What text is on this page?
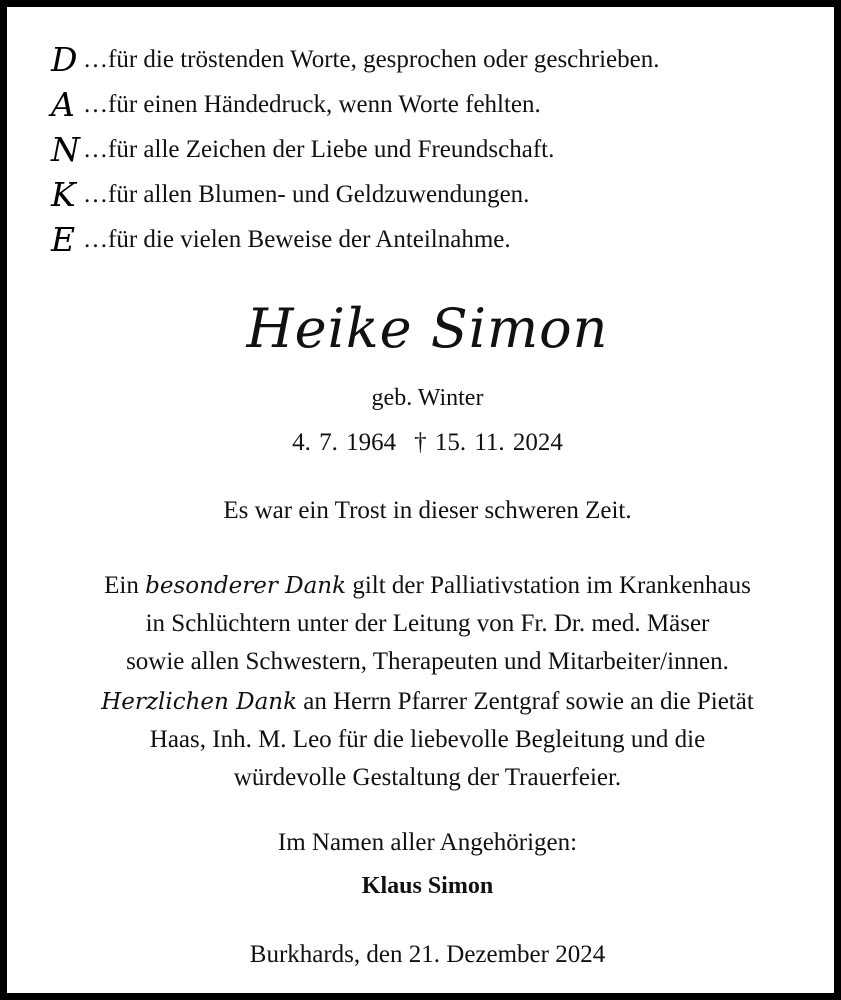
D …für die tröstenden Worte, gesprochen oder geschrieben.
A …für einen Händedruck, wenn Worte fehlten.
N …für alle Zeichen der Liebe und Freundschaft.
K …für allen Blumen- und Geldzuwendungen.
E …für die vielen Beweise der Anteilnahme.
Heike Simon
geb. Winter
4. 7. 1964 † 15. 11. 2024
Es war ein Trost in dieser schweren Zeit.
Ein besonderer Dank gilt der Palliativstation im Krankenhaus
in Schlüchtern unter der Leitung von Fr. Dr. med. Mäser
sowie allen Schwestern, Therapeuten und Mitarbeiter/innen.
Herzlichen Dank an Herrn Pfarrer Zentgraf sowie an die Pietät
Haas, Inh. M. Leo für die liebevolle Begleitung und die
würdevolle Gestaltung der Trauerfeier.
Im Namen aller Angehörigen:
Klaus Simon
Burkhards, den 21. Dezember 2024
